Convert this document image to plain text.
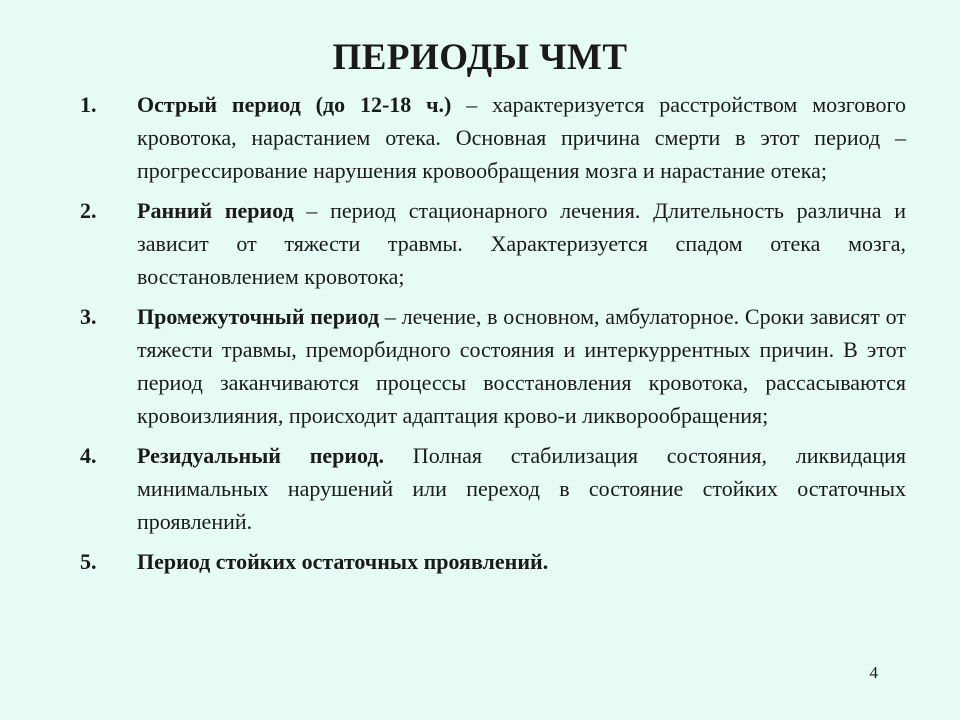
ПЕРИОДЫ ЧМТ
1.	Острый период (до 12-18 ч.) – характеризуется расстройством мозгового кровотока, нарастанием отека. Основная причина смерти в этот период – прогрессирование нарушения кровообращения мозга и нарастание отека;
2.	Ранний период – период стационарного лечения. Длительность различна и зависит от тяжести травмы. Характеризуется спадом отека мозга, восстановлением кровотока;
3.	Промежуточный период – лечение, в основном, амбулаторное. Сроки зависят от тяжести травмы, преморбидного состояния и интеркуррентных причин. В этот период заканчиваются процессы восстановления кровотока, рассасываются кровоизлияния, происходит адаптация крово-и ликворообращения;
4.	Резидуальный период. Полная стабилизация состояния, ликвидация минимальных нарушений или переход в состояние стойких остаточных проявлений.
5.	Период стойких остаточных проявлений.
4
